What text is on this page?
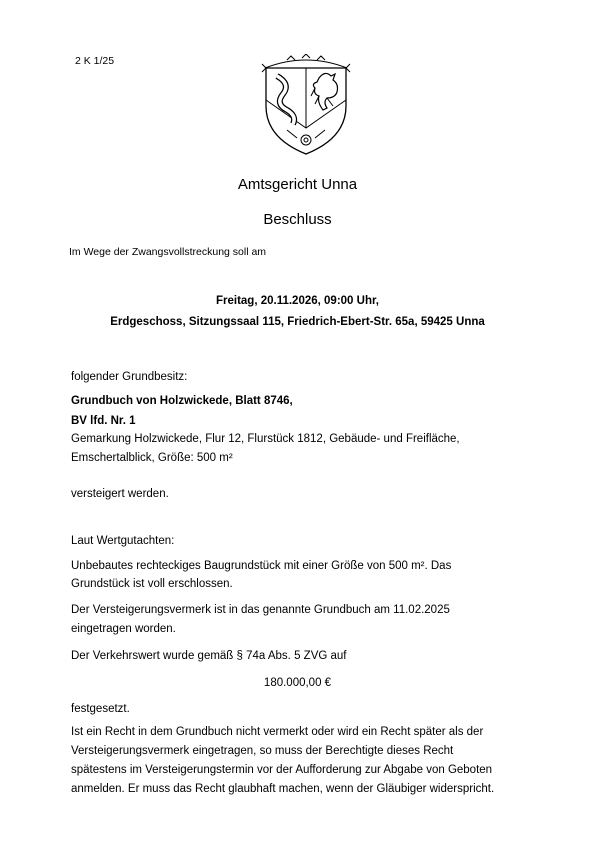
2 K 1/25
Amtsgericht Unna
Beschluss
Im Wege der Zwangsvollstreckung soll am
Freitag, 20.11.2026, 09:00 Uhr,
Erdgeschoss, Sitzungssaal 115, Friedrich-Ebert-Str. 65a, 59425 Unna
folgender Grundbesitz:
Grundbuch von Holzwickede, Blatt 8746,
BV lfd. Nr. 1
Gemarkung Holzwickede, Flur 12, Flurstück 1812, Gebäude- und Freifläche,
Emschertalblick, Größe: 500 m²
versteigert werden.
Laut Wertgutachten:
Unbebautes rechteckiges Baugrundstück mit einer Größe von 500 m². Das
Grundstück ist voll erschlossen.
Der Versteigerungsvermerk ist in das genannte Grundbuch am 11.02.2025
eingetragen worden.
Der Verkehrswert wurde gemäß § 74a Abs. 5 ZVG auf
180.000,00 €
festgesetzt.
Ist ein Recht in dem Grundbuch nicht vermerkt oder wird ein Recht später als der
Versteigerungsvermerk eingetragen, so muss der Berechtigte dieses Recht
spätestens im Versteigerungstermin vor der Aufforderung zur Abgabe von Geboten
anmelden. Er muss das Recht glaubhaft machen, wenn der Gläubiger widerspricht.
